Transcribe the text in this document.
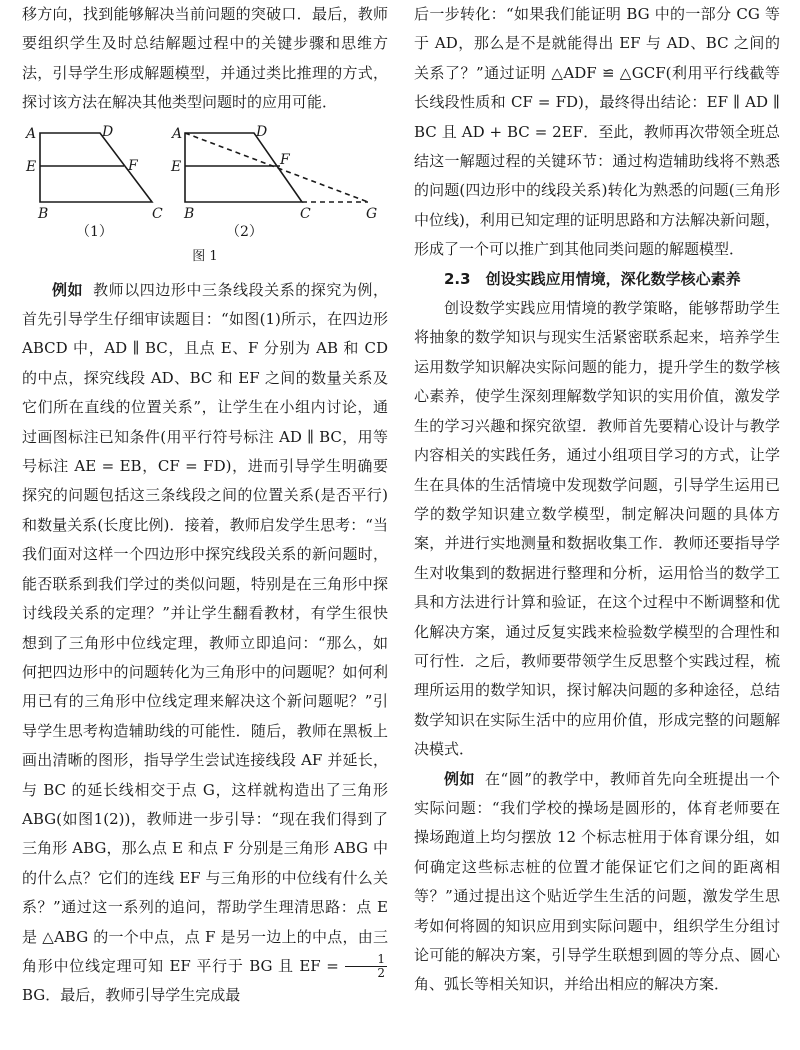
移方向，找到能够解决当前问题的突破口．最后，教师要组织学生及时总结解题过程中的关键步骤和思维方法，引导学生形成解题模型，并通过类比推理的方式，探讨该方法在解决其他类型问题时的应用可能．

A	D
E	F
B	C
A	D
E	F
B	C	G
（1）	（2）
图 1

例如 教师以四边形中三条线段关系的探究为例，首先引导学生仔细审读题目：“如图(1)所示，在四边形 ABCD 中，AD ∥ BC，且点 E、F 分别为 AB 和 CD 的中点，探究线段 AD、BC 和 EF 之间的数量关系及它们所在直线的位置关系”，让学生在小组内讨论，通过画图标注已知条件(用平行符号标注 AD ∥ BC，用等号标注 AE = EB，CF = FD)，进而引导学生明确要探究的问题包括这三条线段之间的位置关系(是否平行) 和数量关系(长度比例)．接着，教师启发学生思考：“当我们面对这样一个四边形中探究线段关系的新问题时，能否联系到我们学过的类似问题，特别是在三角形中探讨线段关系的定理？”并让学生翻看教材，有学生很快想到了三角形中位线定理，教师立即追问：“那么，如何把四边形中的问题转化为三角形中的问题呢？如何利用已有的三角形中位线定理来解决这个新问题呢？”引导学生思考构造辅助线的可能性．随后，教师在黑板上画出清晰的图形，指导学生尝试连接线段 AF 并延长，与 BC 的延长线相交于点 G，这样就构造出了三角形 ABG(如图1(2))，教师进一步引导：“现在我们得到了三角形 ABG，那么点 E 和点 F 分别是三角形 ABG 中的什么点？它们的连线 EF 与三角形的中位线有什么关系？”通过这一系列的追问，帮助学生理清思路：点 E 是 △ABG 的一个中点，点 F 是另一边上的中点，由三角形中位线定理可知 EF 平行于 BG 且 EF = $\frac{1}{2}$
BG．最后，教师引导学生完成最

后一步转化：“如果我们能证明 BG 中的一部分 CG 等于 AD，那么是不是就能得出 EF 与 AD、BC 之间的关系了？”通过证明 △ADF ≌ △GCF(利用平行线截等长线段性质和 CF = FD)，最终得出结论：EF ∥ AD ∥ BC 且 AD + BC = 2EF．至此，教师再次带领全班总结这一解题过程的关键环节：通过构造辅助线将不熟悉的问题(四边形中的线段关系)转化为熟悉的问题(三角形中位线)，利用已知定理的证明思路和方法解决新问题，形成了一个可以推广到其他同类问题的解题模型．

2.3　创设实践应用情境，深化数学核心素养

创设数学实践应用情境的教学策略，能够帮助学生将抽象的数学知识与现实生活紧密联系起来，培养学生运用数学知识解决实际问题的能力，提升学生的数学核心素养，使学生深刻理解数学知识的实用价值，激发学生的学习兴趣和探究欲望．教师首先要精心设计与教学内容相关的实践任务，通过小组项目学习的方式，让学生在具体的生活情境中发现数学问题，引导学生运用已学的数学知识建立数学模型，制定解决问题的具体方案，并进行实地测量和数据收集工作．教师还要指导学生对收集到的数据进行整理和分析，运用恰当的数学工具和方法进行计算和验证，在这个过程中不断调整和优化解决方案，通过反复实践来检验数学模型的合理性和可行性．之后，教师要带领学生反思整个实践过程，梳理所运用的数学知识，探讨解决问题的多种途径，总结数学知识在实际生活中的应用价值，形成完整的问题解决模式．

例如 在“圆”的教学中，教师首先向全班提出一个实际问题：“我们学校的操场是圆形的，体育老师要在操场跑道上均匀摆放 12 个标志桩用于体育课分组，如何确定这些标志桩的位置才能保证它们之间的距离相等？”通过提出这个贴近学生生活的问题，激发学生思考如何将圆的知识应用到实际问题中，组织学生分组讨论可能的解决方案，引导学生联想到圆的等分点、圆心角、弧长等相关知识，并给出相应的解决方案．
